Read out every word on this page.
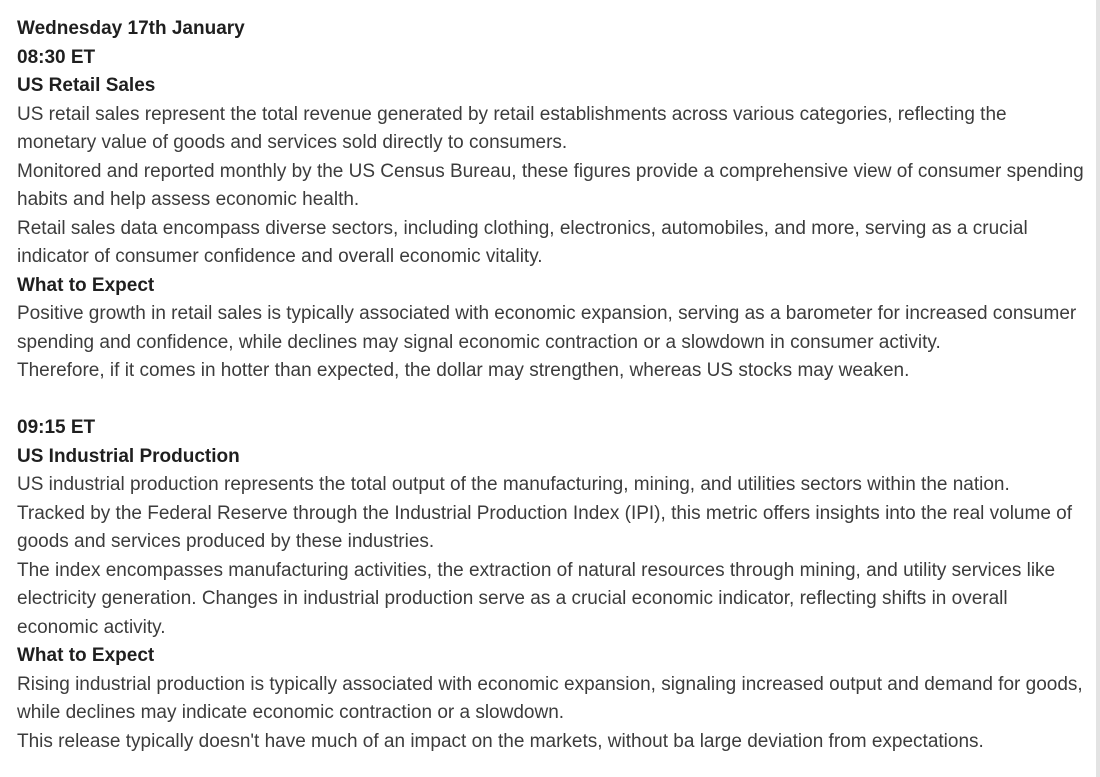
Wednesday 17th January
08:30 ET
US Retail Sales

US retail sales represent the total revenue generated by retail establishments across various categories, reflecting the monetary value of goods and services sold directly to consumers.

Monitored and reported monthly by the US Census Bureau, these figures provide a comprehensive view of consumer spending habits and help assess economic health.

Retail sales data encompass diverse sectors, including clothing, electronics, automobiles, and more, serving as a crucial indicator of consumer confidence and overall economic vitality.

What to Expect

Positive growth in retail sales is typically associated with economic expansion, serving as a barometer for increased consumer spending and confidence, while declines may signal economic contraction or a slowdown in consumer activity.

Therefore, if it comes in hotter than expected, the dollar may strengthen, whereas US stocks may weaken.

09:15 ET
US Industrial Production

US industrial production represents the total output of the manufacturing, mining, and utilities sectors within the nation.

Tracked by the Federal Reserve through the Industrial Production Index (IPI), this metric offers insights into the real volume of goods and services produced by these industries.

The index encompasses manufacturing activities, the extraction of natural resources through mining, and utility services like electricity generation. Changes in industrial production serve as a crucial economic indicator, reflecting shifts in overall economic activity.

What to Expect

Rising industrial production is typically associated with economic expansion, signaling increased output and demand for goods, while declines may indicate economic contraction or a slowdown.

This release typically doesn't have much of an impact on the markets, without ba large deviation from expectations.
